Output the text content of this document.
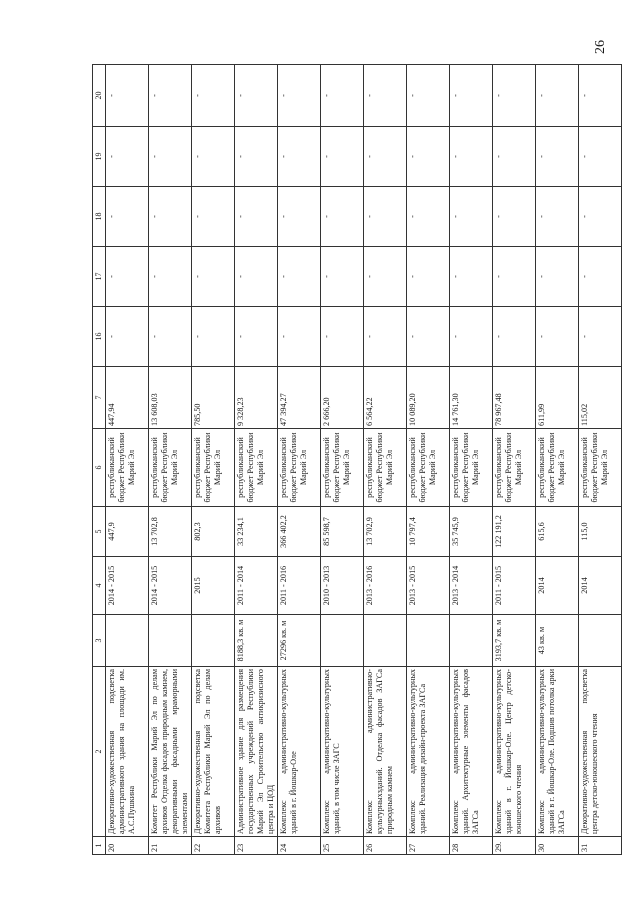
26
1	2	3	4	5	6	7	16	17	18	19	20
20	Декоративно-художественная подсветка административного здания на площади им. А.С.Пушкина		2014 - 2015	447,9	республиканский бюджет Республики Марий Эл	447,94	-	-	-	-	-
21	Комитет Республики Марий Эл по делам архивов Отделка фасадов природным камнем, декоративными фасадными мраморными элементами		2014 - 2015	13 702,8	республиканский бюджет Республики Марий Эл	13 608,03	-	-	-	-	-
22	Декоративно-художественная подсветка Комитета Республики Марий Эл по делам архивов		2015	802,3	республиканский бюджет Республики Марий Эл	785,50	-	-	-	-	-
23	Административное здание для размещения государственных учреждений Республики Марий Эл Строительство антикризисного центра и ЦОД	8188,3 кв. м	2011 - 2014	33 234,1	республиканский бюджет Республики Марий Эл	9 328,23	-	-	-	-	-
24	Комплекс административно-культурных зданий в г. Йошкар-Оле	27296 кв. м	2011 - 2016	366 402,2	республиканский бюджет Республики Марий Эл	47 394,27	-	-	-	-	-
25	Комплекс административно-культурных зданий, в том числе ЗАГС		2010 - 2013	85 598,7	республиканский бюджет Республики Марий Эл	2 666,20	-	-	-	-	-
26	Комплекс административно-культурныхзданий. Отделка фасадов ЗАГСа природным камнем		2013 - 2016	13 702,9	республиканский бюджет Республики Марий Эл	6 564,22	-	-	-	-	-
27	Комплекс административно-культурных зданий. Реализация дизайн-проекта ЗАГСа		2013 - 2015	10 797,4	республиканский бюджет Республики Марий Эл	10 089,20	-	-	-	-	-
28	Комплекс административно-культурных зданий. Архитектурные элементы фасадов ЗАГСа		2013 - 2014	35 745,9	республиканский бюджет Республики Марий Эл	14 761,30	-	-	-	-	-
29.	Комплекс административно-культурных зданий в г. Йошкар-Оле. Центр детско-юношеского чтения	3193,7 кв. м	2011 - 2015	122 191,2	республиканский бюджет Республики Марий Эл	78 967,48	-	-	-	-	-
30	Комплекс административно-культурных зданий в г. Йошкар-Оле. Подшив потолка арки ЗАГСа	43 кв. м	2014	615,6	республиканский бюджет Республики Марий Эл	611,99	-	-	-	-	-
31	Декоративно-художественная подсветка центра детско-юношеского чтения		2014	115,0	республиканский бюджет Республики Марий Эл	115,02	-	-	-	-	-
